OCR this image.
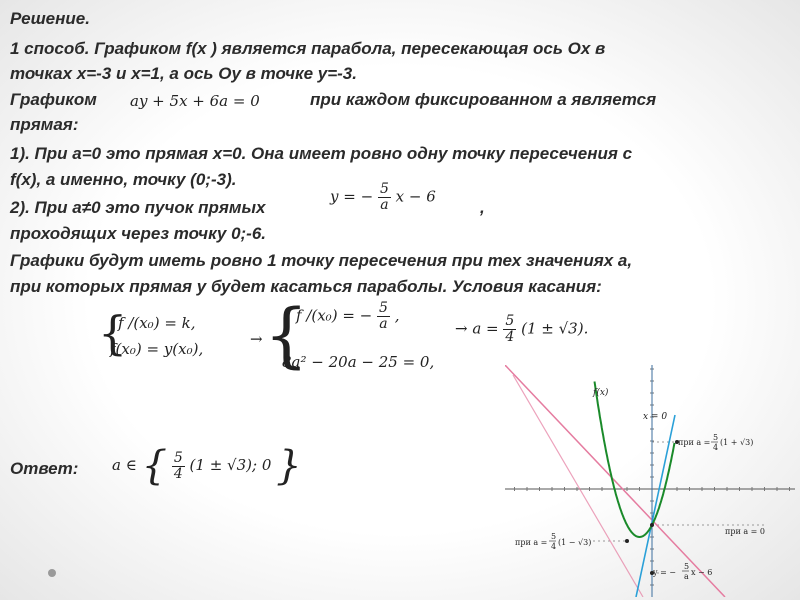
Решение.
1 способ. Графиком f(x ) является парабола, пересекающая ось Ох в
точках х=-3 и х=1, а ось Оу в точке у=-3.
Графиком ay + 5x + 6a = 0	при каждом фиксированном а является
прямая:
1). При а=0 это прямая х=0. Она имеет ровно одну точку пересечения с
f(x), а именно, точку (0;-3).
2). При а≠0 это пучок прямых
y = − $\frac{5}{a}$ x − 6
,
проходящих через точку 0;-6.
Графики будут иметь ровно 1 точку пересечения при тех значениях а,
при которых прямая у будет касаться параболы. Условия касания:
{
f /(x₀) = k,
f(x₀) = y(x₀),
→ {
f /(x₀) = − $\frac{5}{a}$ ,
8a² − 20a − 25 = 0,
→ $a = \frac{5}{4} (1 \pm √3)$.
Ответ: a ∈ { $\frac{5}{4} (1 \pm √3)$; 0 }
f(x)
x = 0
при a =
5
4
(1 + √3)
при a = 0
при a =
5
4 (1 − √3)
y = −
5
a x − 6
